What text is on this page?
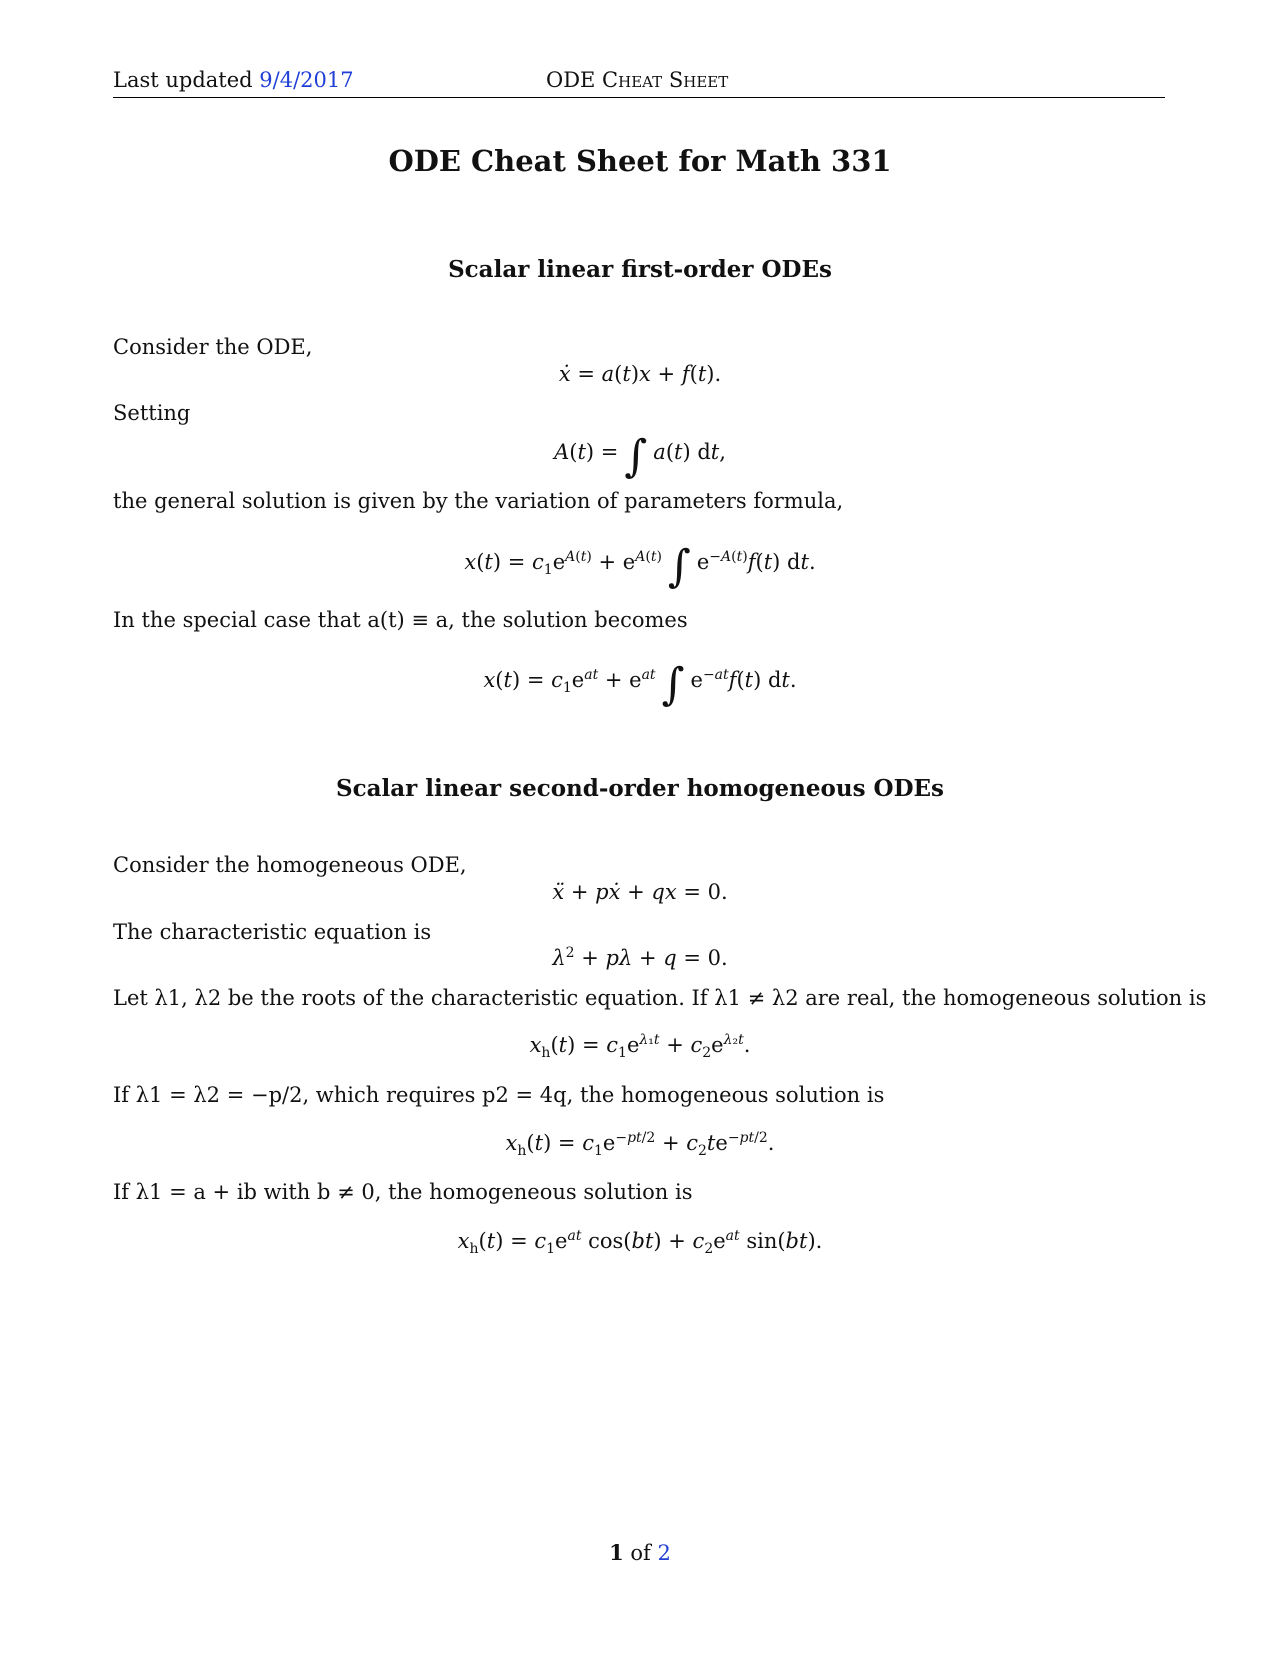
Last updated 9/4/2017	ODE Cheat Sheet
ODE Cheat Sheet for Math 331
Scalar linear first-order ODEs
Consider the ODE,
ẋ = a(t)x + f(t).
Setting
A(t) = ∫ a(t) dt,
the general solution is given by the variation of parameters formula,
$x(t) = c_1e^{A(t)} + e^{A(t)}$ ∫ $e^{-A(t)}f(t)$ dt.
In the special case that a(t) ≡ a, the solution becomes
$x(t) = c_1e^{at} + e^{at}$ ∫ $e^{-at}f(t)$ dt.
Scalar linear second-order homogeneous ODEs
Consider the homogeneous ODE,
ẍ + pẋ + qx = 0.
The characteristic equation is
$\lambda^2 + p\lambda + q = 0$.
Let λ1, λ2 be the roots of the characteristic equation. If λ1 ≠ λ2 are real, the homogeneous solution is
$x_h(t) = c_1e^{\lambda_1t} + c_2e^{\lambda_2t}$.
If λ1 = λ2 = −p/2, which requires p2 = 4q, the homogeneous solution is
$x_h(t) = c_1e^{-pt/2} + c_2te^{-pt/2}$.
If λ1 = a + ib with b ≠ 0, the homogeneous solution is
$x_h(t) = c_1e^{at}$ $\cos(bt) + c_2e^{at}$ sin(bt).
1 of 2
